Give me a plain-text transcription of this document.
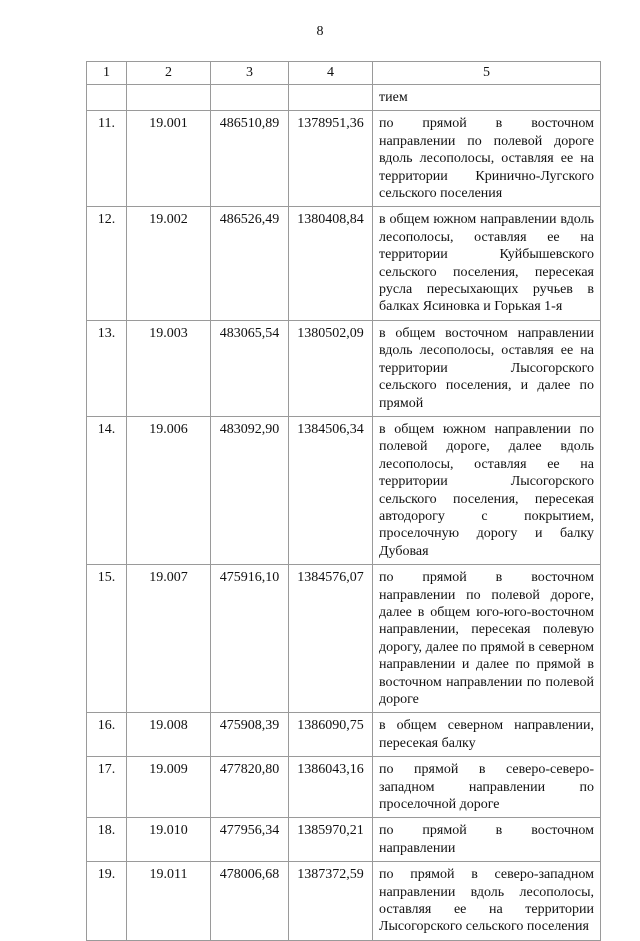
8
1	2	3	4	5
				тием
11.	19.001	486510,89	1378951,36	по прямой в восточном направлении по полевой дороге вдоль лесополосы, оставляя ее на территории Кринично-Лугского сельского поселения
12.	19.002	486526,49	1380408,84	в общем южном направлении вдоль лесополосы, оставляя ее на территории Куйбышевского сельского поселения, пересекая русла пересыхающих ручьев в балках Ясиновка и Горькая 1-я
13.	19.003	483065,54	1380502,09	в общем восточном направлении вдоль лесополосы, оставляя ее на территории Лысогорского сельского поселения, и далее по прямой
14.	19.006	483092,90	1384506,34	в общем южном направлении по полевой дороге, далее вдоль лесополосы, оставляя ее на территории Лысогорского сельского поселения, пересекая автодорогу с покрытием, проселочную дорогу и балку Дубовая
15.	19.007	475916,10	1384576,07	по прямой в восточном направлении по полевой дороге, далее в общем юго-юго-восточном направлении, пересекая полевую дорогу, далее по прямой в северном направлении и далее по прямой в восточном направлении по полевой дороге
16.	19.008	475908,39	1386090,75	в общем северном направлении, пересекая балку
17.	19.009	477820,80	1386043,16	по прямой в северо-северо-западном направлении по проселочной дороге
18.	19.010	477956,34	1385970,21	по прямой в восточном направлении
19.	19.011	478006,68	1387372,59	по прямой в северо-западном направлении вдоль лесополосы, оставляя ее на территории Лысогорского сельского поселения
